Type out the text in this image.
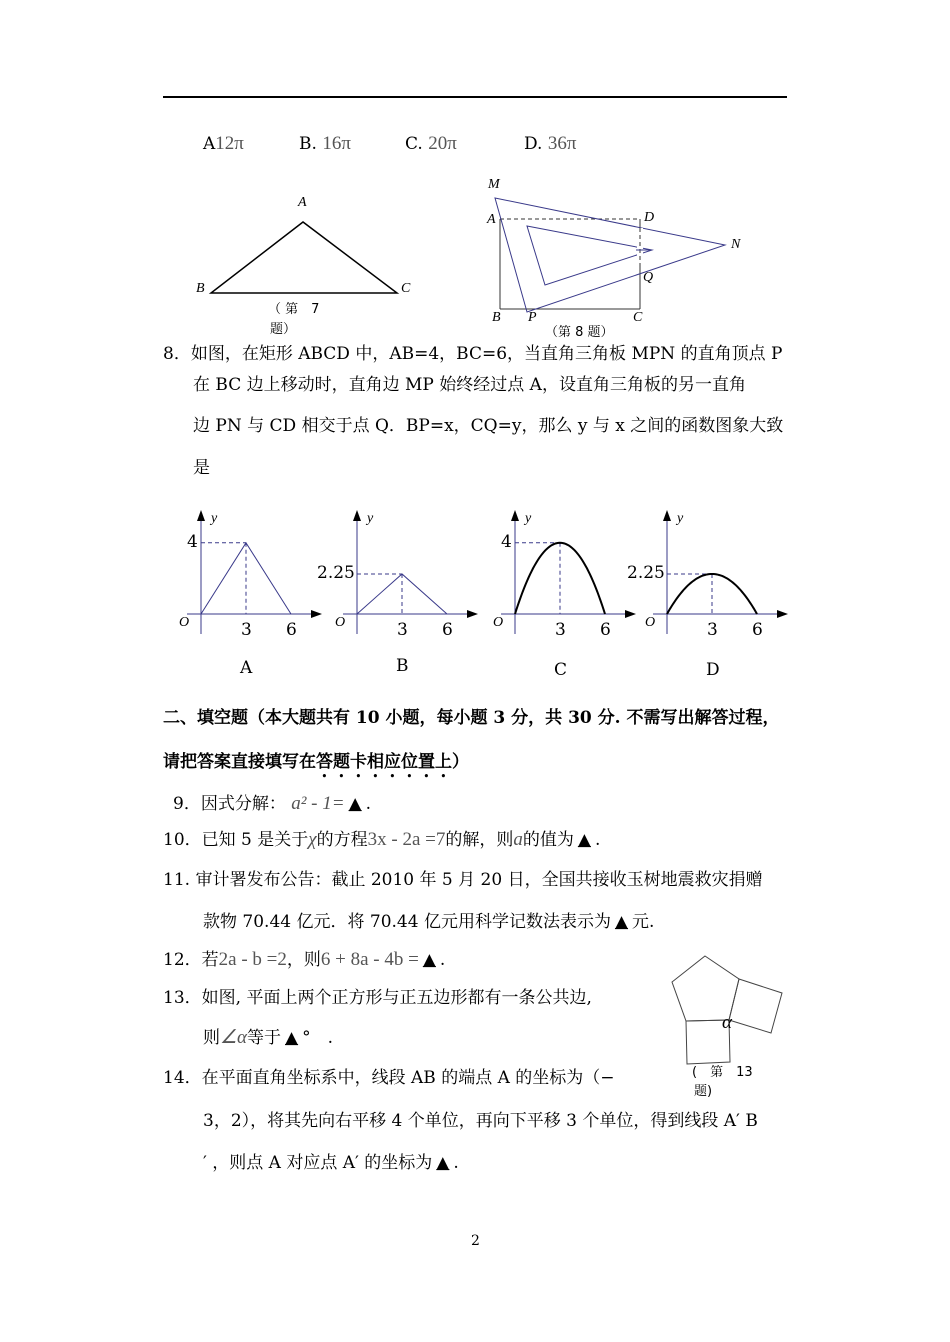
A12π	B. 16π	C. 20π	D. 36π
A
B	C
（ 第　7
题）
M
A	D
N
Q
B P	C
（第 8 题）
8．如图，在矩形 ABCD 中，AB=4，BC=6，当直角三角板 MPN 的直角顶点 P
在 BC 边上移动时，直角边 MP 始终经过点 A，设直角三角板的另一直角
边 PN 与 CD 相交于点 Q．BP=x，CQ=y，那么 y 与 x 之间的函数图象大致
是
y
O
4
3 6
A
y
O
2.25
3 6
B
y
O
4
3 6
C
y
O
2.25
3 6
D
二、填空题（本大题共有 10 小题，每小题 3 分，共 30 分. 不需写出解答过程，
请把答案直接填写在答题卡相应位置上）
9．因式分解： a² - 1= ▲ .
10．已知 5 是关于χ的方程3x - 2a =7的解，则a的值为 ▲ .
11. 审计署发布公告：截止 2010 年 5 月 20 日，全国共接收玉树地震救灾捐赠
款物 70.44 亿元．将 70.44 亿元用科学记数法表示为 ▲ 元.
12．若2a - b =2，则6 + 8a - 4b = ▲ .
13．如图, 平面上两个正方形与正五边形都有一条公共边,
则∠α等于 ▲ °　.
α
(　第　13
题)
14．在平面直角坐标系中，线段 AB 的端点 A 的坐标为（−
3，2），将其先向右平移 4 个单位，再向下平移 3 个单位，得到线段 A′ B
′ ，则点 A 对应点 A′ 的坐标为 ▲ .
2
